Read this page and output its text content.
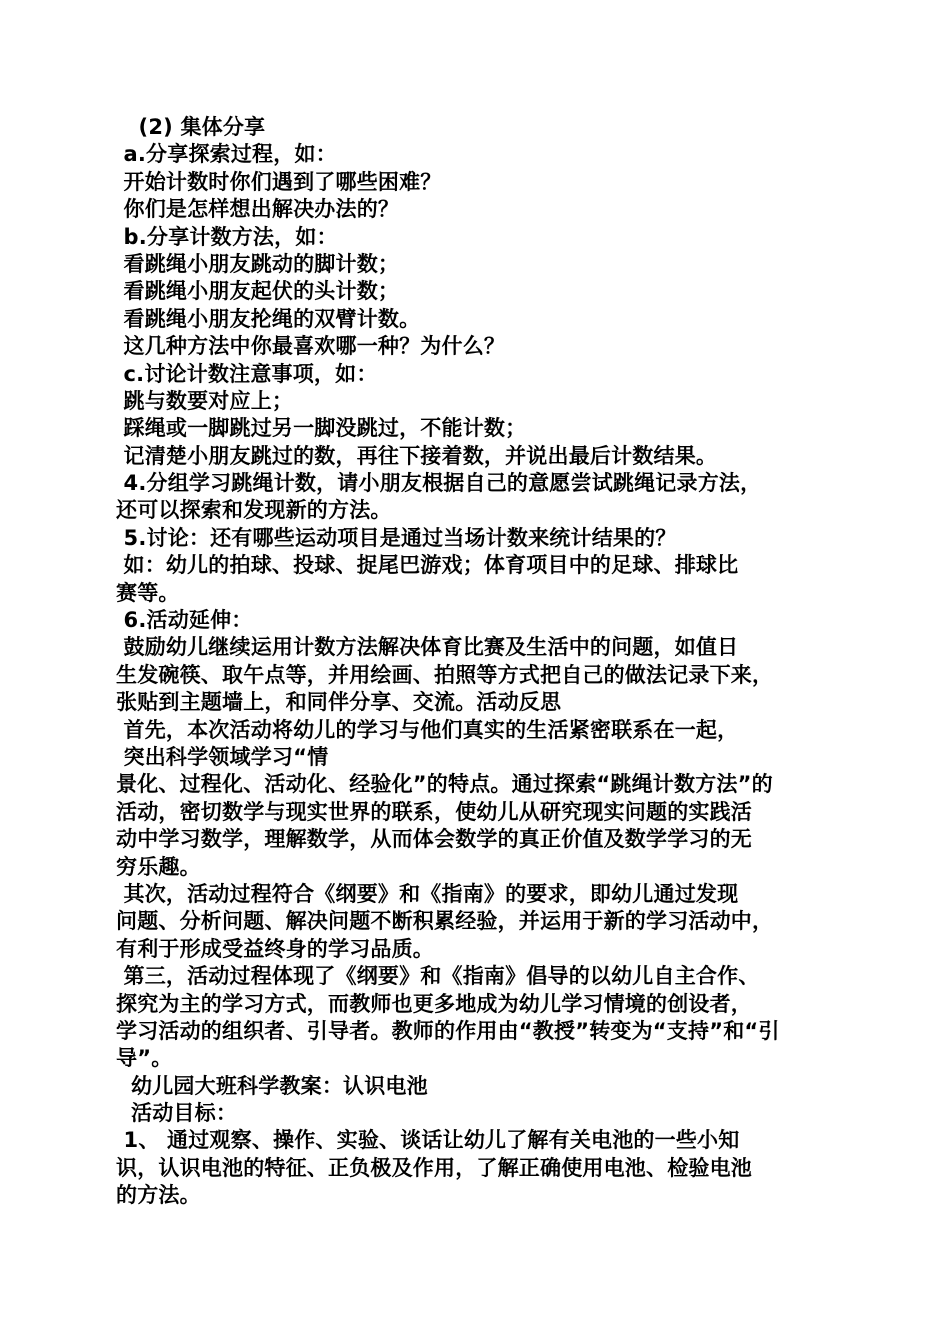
(2) 集体分享
a.分享探索过程，如：
开始计数时你们遇到了哪些困难？
你们是怎样想出解决办法的？
b.分享计数方法，如：
看跳绳小朋友跳动的脚计数；
看跳绳小朋友起伏的头计数；
看跳绳小朋友抡绳的双臂计数。
这几种方法中你最喜欢哪一种？为什么？
c.讨论计数注意事项，如：
跳与数要对应上；
踩绳或一脚跳过另一脚没跳过，不能计数；
记清楚小朋友跳过的数，再往下接着数，并说出最后计数结果。
4.分组学习跳绳计数，请小朋友根据自己的意愿尝试跳绳记录方法，
还可以探索和发现新的方法。
5.讨论：还有哪些运动项目是通过当场计数来统计结果的？
如：幼儿的拍球、投球、捉尾巴游戏；体育项目中的足球、排球比
赛等。
6.活动延伸：
鼓励幼儿继续运用计数方法解决体育比赛及生活中的问题，如值日
生发碗筷、取午点等，并用绘画、拍照等方式把自己的做法记录下来，
张贴到主题墙上，和同伴分享、交流。活动反思
首先，本次活动将幼儿的学习与他们真实的生活紧密联系在一起，
突出科学领域学习“情
景化、过程化、活动化、经验化”的特点。通过探索“跳绳计数方法”的
活动，密切数学与现实世界的联系，使幼儿从研究现实问题的实践活
动中学习数学，理解数学，从而体会数学的真正价值及数学学习的无
穷乐趣。
其次，活动过程符合《纲要》和《指南》的要求，即幼儿通过发现
问题、分析问题、解决问题不断积累经验，并运用于新的学习活动中，
有利于形成受益终身的学习品质。
第三，活动过程体现了《纲要》和《指南》倡导的以幼儿自主合作、
探究为主的学习方式，而教师也更多地成为幼儿学习情境的创设者，
学习活动的组织者、引导者。教师的作用由“教授”转变为“支持”和“引
导”。
幼儿园大班科学教案：认识电池
活动目标：
1、 通过观察、操作、实验、谈话让幼儿了解有关电池的一些小知
识，认识电池的特征、正负极及作用，了解正确使用电池、检验电池
的方法。
